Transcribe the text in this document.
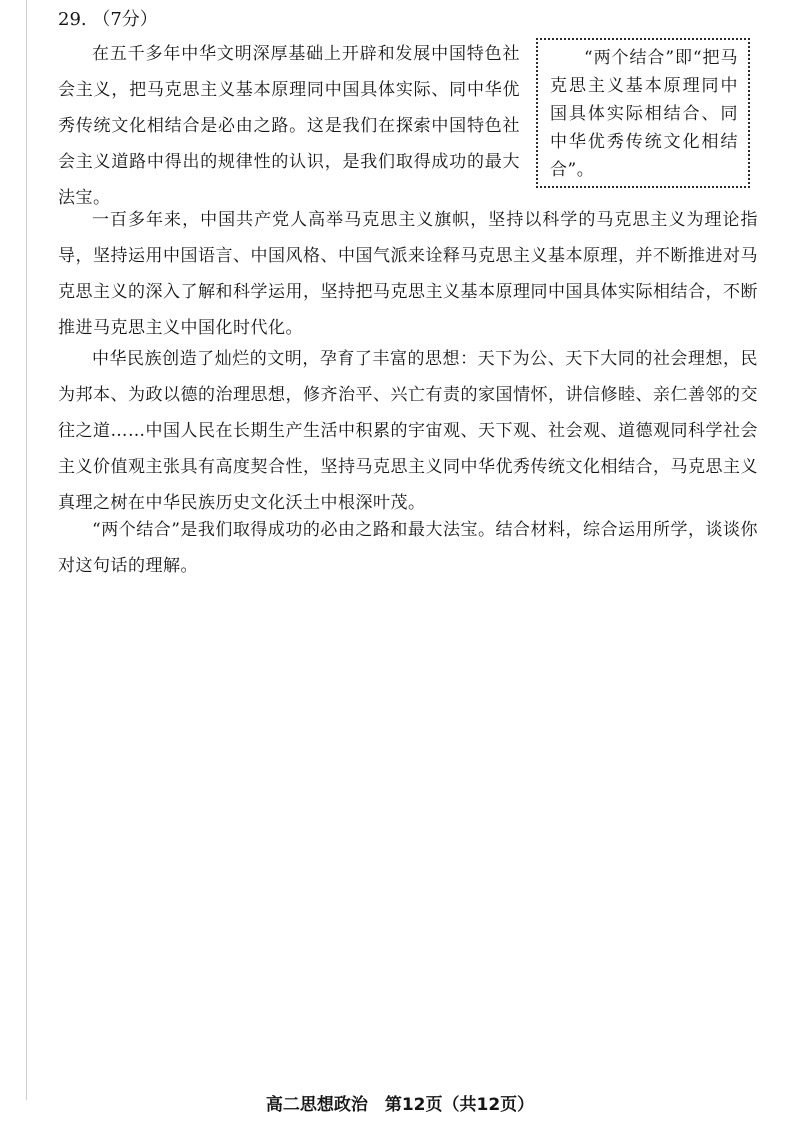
29. （7分）
在五千多年中华文明深厚基础上开辟和发展中国特色社会主义，把马克思主义基本原理同中国具体实际、同中华优秀传统文化相结合是必由之路。这是我们在探索中国特色社会主义道路中得出的规律性的认识，是我们取得成功的最大法宝。
“两个结合”即“把马克思主义基本原理同中国具体实际相结合、同中华优秀传统文化相结合”。
一百多年来，中国共产党人高举马克思主义旗帜，坚持以科学的马克思主义为理论指导，坚持运用中国语言、中国风格、中国气派来诠释马克思主义基本原理，并不断推进对马克思主义的深入了解和科学运用，坚持把马克思主义基本原理同中国具体实际相结合，不断推进马克思主义中国化时代化。
中华民族创造了灿烂的文明，孕育了丰富的思想：天下为公、天下大同的社会理想，民为邦本、为政以德的治理思想，修齐治平、兴亡有责的家国情怀，讲信修睦、亲仁善邻的交往之道……中国人民在长期生产生活中积累的宇宙观、天下观、社会观、道德观同科学社会主义价值观主张具有高度契合性，坚持马克思主义同中华优秀传统文化相结合，马克思主义真理之树在中华民族历史文化沃土中根深叶茂。
“两个结合”是我们取得成功的必由之路和最大法宝。结合材料，综合运用所学，谈谈你对这句话的理解。
高二思想政治　第12页（共12页）
